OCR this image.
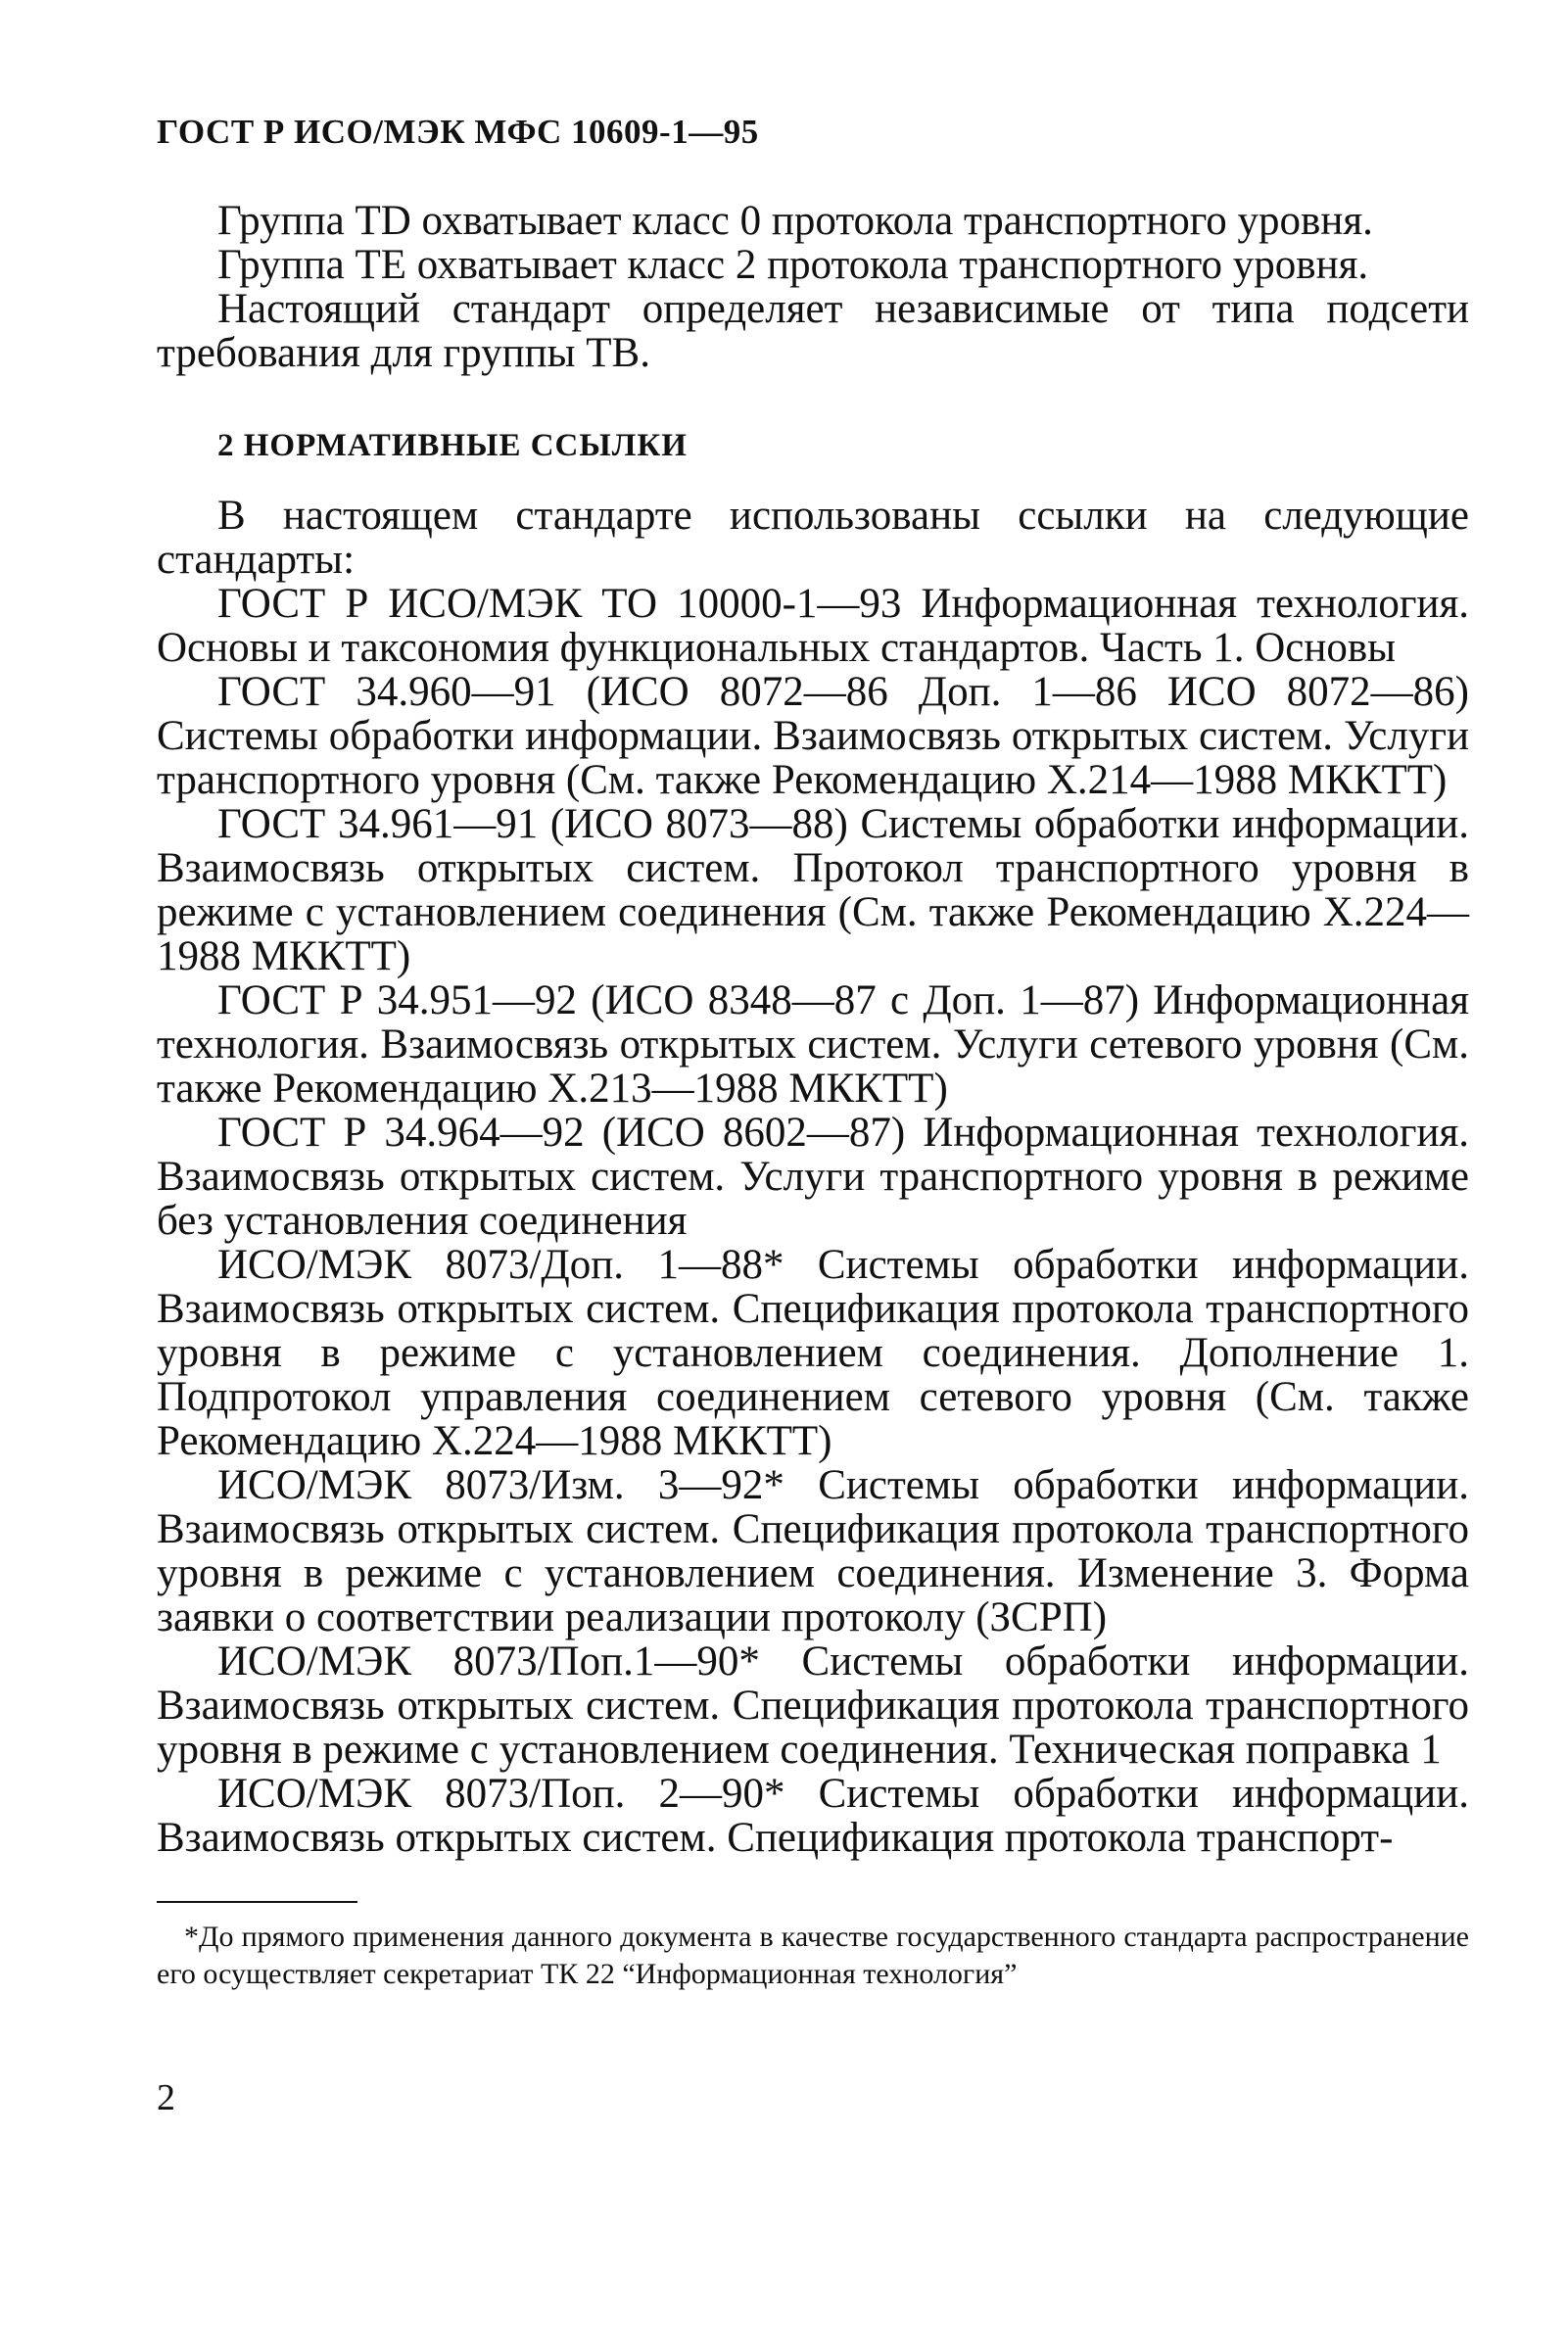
ГОСТ Р ИСО/МЭК МФС 10609-1—95

Группа TD охватывает класс 0 протокола транспортного уровня.

Группа ТЕ охватывает класс 2 протокола транспортного уровня.

Настоящий стандарт определяет независимые от типа подсети требования для группы ТВ.

2 НОРМАТИВНЫЕ ССЫЛКИ

В настоящем стандарте использованы ссылки на следующие стандарты:

ГОСТ Р ИСО/МЭК ТО 10000-1—93 Информационная технология. Основы и таксономия функциональных стандартов. Часть 1. Основы

ГОСТ 34.960—91 (ИСО 8072—86 Доп. 1—86 ИСО 8072—86) Системы обработки информации. Взаимосвязь открытых систем. Услуги транспортного уровня (См. также Рекомендацию Х.214—1988 МККТТ)

ГОСТ 34.961—91 (ИСО 8073—88) Системы обработки информации. Взаимосвязь открытых систем. Протокол транспортного уровня в режиме с установлением соединения (См. также Рекомендацию Х.224—1988 МККТТ)

ГОСТ Р 34.951—92 (ИСО 8348—87 с Доп. 1—87) Информационная технология. Взаимосвязь открытых систем. Услуги сетевого уровня (См. также Рекомендацию Х.213—1988 МККТТ)

ГОСТ Р 34.964—92 (ИСО 8602—87) Информационная технология. Взаимосвязь открытых систем. Услуги транспортного уровня в режиме без установления соединения

ИСО/МЭК 8073/Доп. 1—88* Системы обработки информации. Взаимосвязь открытых систем. Спецификация протокола транспортного уровня в режиме с установлением соединения. Дополнение 1. Подпротокол управления соединением сетевого уровня (См. также Рекомендацию Х.224—1988 МККТТ)

ИСО/МЭК 8073/Изм. 3—92* Системы обработки информации. Взаимосвязь открытых систем. Спецификация протокола транспортного уровня в режиме с установлением соединения. Изменение 3. Форма заявки о соответствии реализации протоколу (ЗСРП)

ИСО/МЭК 8073/Поп.1—90* Системы обработки информации. Взаимосвязь открытых систем. Спецификация протокола транспортного уровня в режиме с установлением соединения. Техническая поправка 1

ИСО/МЭК 8073/Поп. 2—90* Системы обработки информации. Взаимосвязь открытых систем. Спецификация протокола транспорт-

*До прямого применения данного документа в качестве государственного стандарта распространение его осуществляет секретариат ТК 22 “Информационная технология”

2
